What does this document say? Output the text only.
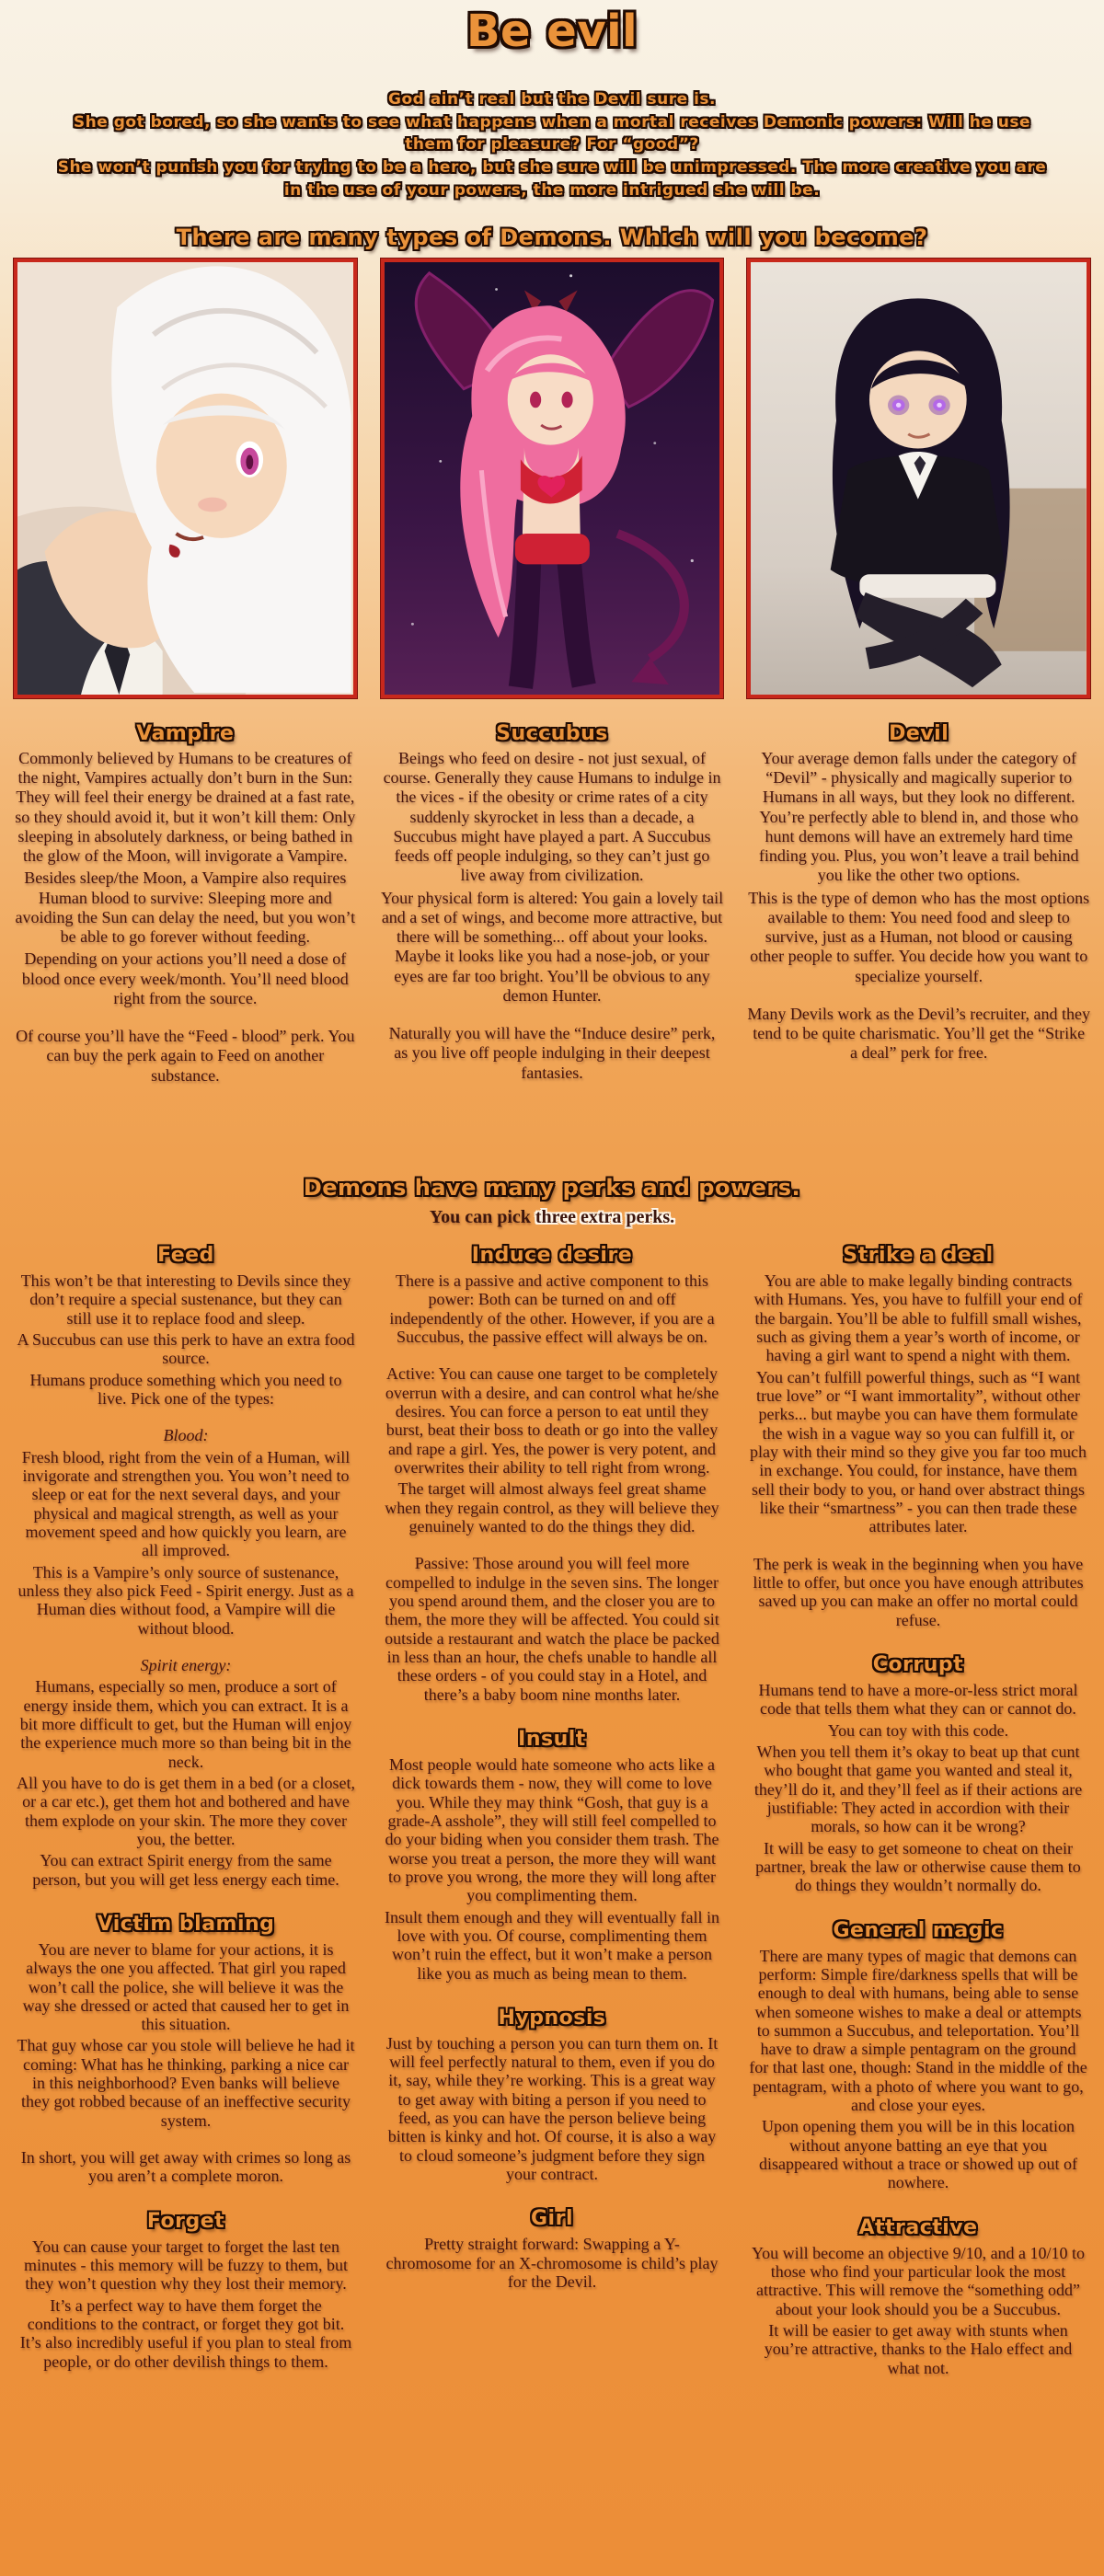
Be evil

God ain’t real but the Devil sure is.

She got bored, so she wants to see what happens when a mortal receives Demonic powers: Will he use them for pleasure? For “good”?

She won’t punish you for trying to be a hero, but she sure will be unimpressed. The more creative you are in the use of your powers, the more intrigued she will be.

There are many types of Demons. Which will you become?
Vampire

Commonly believed by Humans to be creatures of the night, Vampires actually don’t burn in the Sun: They will feel their energy be drained at a fast rate, so they should avoid it, but it won’t kill them: Only sleeping in absolutely darkness, or being bathed in the glow of the Moon, will invigorate a Vampire.

Besides sleep/the Moon, a Vampire also requires Human blood to survive: Sleeping more and avoiding the Sun can delay the need, but you won’t be able to go forever without feeding.

Depending on your actions you’ll need a dose of blood once every week/month. You’ll need blood right from the source.

Of course you’ll have the “Feed - blood” perk. You can buy the perk again to Feed on another substance.

Succubus

Beings who feed on desire - not just sexual, of course. Generally they cause Humans to indulge in the vices - if the obesity or crime rates of a city suddenly skyrocket in less than a decade, a Succubus might have played a part. A Succubus feeds off people indulging, so they can’t just go live away from civilization.

Your physical form is altered: You gain a lovely tail and a set of wings, and become more attractive, but there will be something... off about your looks. Maybe it looks like you had a nose-job, or your eyes are far too bright. You’ll be obvious to any demon Hunter.

Naturally you will have the “Induce desire” perk, as you live off people indulging in their deepest fantasies.

Devil

Your average demon falls under the category of “Devil” - physically and magically superior to Humans in all ways, but they look no different. You’re perfectly able to blend in, and those who hunt demons will have an extremely hard time finding you. Plus, you won’t leave a trail behind you like the other two options.

This is the type of demon who has the most options available to them: You need food and sleep to survive, just as a Human, not blood or causing other people to suffer. You decide how you want to specialize yourself.

Many Devils work as the Devil’s recruiter, and they tend to be quite charismatic. You’ll get the “Strike a deal” perk for free.

Demons have many perks and powers.

You can pick three extra perks.

Feed

This won’t be that interesting to Devils since they don’t require a special sustenance, but they can still use it to replace food and sleep.

A Succubus can use this perk to have an extra food source.

Humans produce something which you need to live. Pick one of the types:

Blood:

Fresh blood, right from the vein of a Human, will invigorate and strengthen you. You won’t need to sleep or eat for the next several days, and your physical and magical strength, as well as your movement speed and how quickly you learn, are all improved.

This is a Vampire’s only source of sustenance, unless they also pick Feed - Spirit energy. Just as a Human dies without food, a Vampire will die without blood.

Spirit energy:

Humans, especially so men, produce a sort of energy inside them, which you can extract. It is a bit more difficult to get, but the Human will enjoy the experience much more so than being bit in the neck.

All you have to do is get them in a bed (or a closet, or a car etc.), get them hot and bothered and have them explode on your skin. The more they cover you, the better.

You can extract Spirit energy from the same person, but you will get less energy each time.

Victim blaming

You are never to blame for your actions, it is always the one you affected. That girl you raped won’t call the police, she will believe it was the way she dressed or acted that caused her to get in this situation.

That guy whose car you stole will believe he had it coming: What has he thinking, parking a nice car in this neighborhood? Even banks will believe they got robbed because of an ineffective security system.

In short, you will get away with crimes so long as you aren’t a complete moron.

Forget

You can cause your target to forget the last ten minutes - this memory will be fuzzy to them, but they won’t question why they lost their memory.

It’s a perfect way to have them forget the conditions to the contract, or forget they got bit. It’s also incredibly useful if you plan to steal from people, or do other devilish things to them.

Induce desire

There is a passive and active component to this power: Both can be turned on and off independently of the other. However, if you are a Succubus, the passive effect will always be on.

Active: You can cause one target to be completely overrun with a desire, and can control what he/she desires. You can force a person to eat until they burst, beat their boss to death or go into the valley and rape a girl. Yes, the power is very potent, and overwrites their ability to tell right from wrong.

The target will almost always feel great shame when they regain control, as they will believe they genuinely wanted to do the things they did.

Passive: Those around you will feel more compelled to indulge in the seven sins. The longer you spend around them, and the closer you are to them, the more they will be affected. You could sit outside a restaurant and watch the place be packed in less than an hour, the chefs unable to handle all these orders - of you could stay in a Hotel, and there’s a baby boom nine months later.

Insult

Most people would hate someone who acts like a dick towards them - now, they will come to love you. While they may think “Gosh, that guy is a grade-A asshole”, they will still feel compelled to do your biding when you consider them trash. The worse you treat a person, the more they will want to prove you wrong, the more they will long after you complimenting them.

Insult them enough and they will eventually fall in love with you. Of course, complimenting them won’t ruin the effect, but it won’t make a person like you as much as being mean to them.

Hypnosis

Just by touching a person you can turn them on. It will feel perfectly natural to them, even if you do it, say, while they’re working. This is a great way to get away with biting a person if you need to feed, as you can have the person believe being bitten is kinky and hot. Of course, it is also a way to cloud someone’s judgment before they sign your contract.

Girl

Pretty straight forward: Swapping a Y-chromosome for an X-chromosome is child’s play for the Devil.

Strike a deal

You are able to make legally binding contracts with Humans. Yes, you have to fulfill your end of the bargain. You’ll be able to fulfill small wishes, such as giving them a year’s worth of income, or having a girl want to spend a night with them.

You can’t fulfill powerful things, such as “I want true love” or “I want immortality”, without other perks... but maybe you can have them formulate the wish in a vague way so you can fulfill it, or play with their mind so they give you far too much in exchange. You could, for instance, have them sell their body to you, or hand over abstract things like their “smartness” - you can then trade these attributes later.

The perk is weak in the beginning when you have little to offer, but once you have enough attributes saved up you can make an offer no mortal could refuse.

Corrupt

Humans tend to have a more-or-less strict moral code that tells them what they can or cannot do.

You can toy with this code.

When you tell them it’s okay to beat up that cunt who bought that game you wanted and steal it, they’ll do it, and they’ll feel as if their actions are justifiable: They acted in accordion with their morals, so how can it be wrong?

It will be easy to get someone to cheat on their partner, break the law or otherwise cause them to do things they wouldn’t normally do.

General magic

There are many types of magic that demons can perform: Simple fire/darkness spells that will be enough to deal with humans, being able to sense when someone wishes to make a deal or attempts to summon a Succubus, and teleportation. You’ll have to draw a simple pentagram on the ground for that last one, though: Stand in the middle of the pentagram, with a photo of where you want to go, and close your eyes.

Upon opening them you will be in this location without anyone batting an eye that you disappeared without a trace or showed up out of nowhere.

Attractive

You will become an objective 9/10, and a 10/10 to those who find your particular look the most attractive. This will remove the “something odd” about your look should you be a Succubus.

It will be easier to get away with stunts when you’re attractive, thanks to the Halo effect and what not.
